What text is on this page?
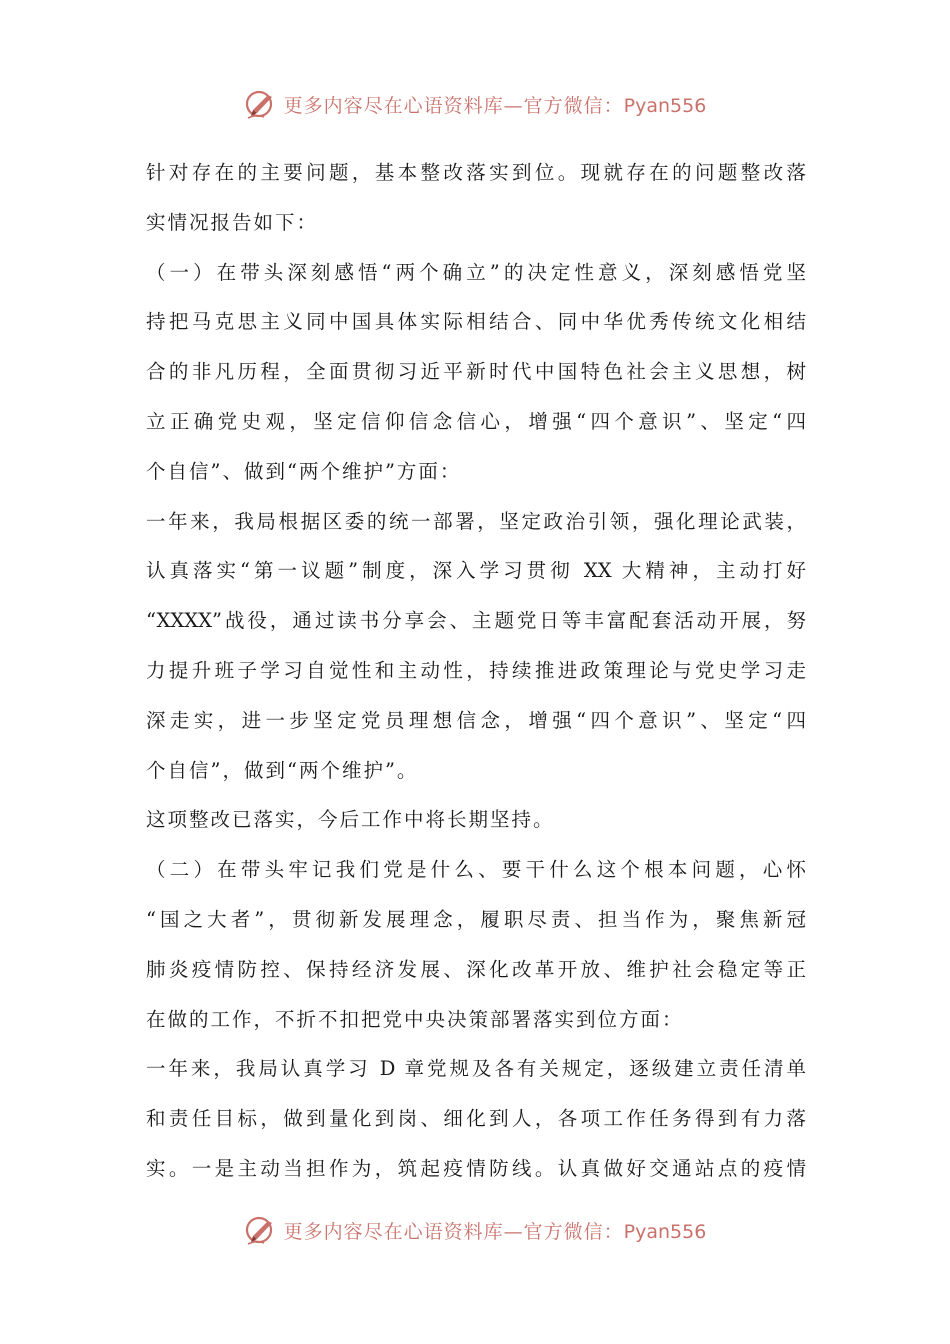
更多内容尽在心语资料库—官方微信：Pyan556
针对存在的主要问题，基本整改落实到位。现就存在的问题整改落
实情况报告如下：
（一）在带头深刻感悟“两个确立”的决定性意义，深刻感悟党坚
持把马克思主义同中国具体实际相结合、同中华优秀传统文化相结
合的非凡历程，全面贯彻习近平新时代中国特色社会主义思想，树
立正确党史观，坚定信仰信念信心，增强“四个意识”、坚定“四
个自信”、做到“两个维护”方面：
一年来，我局根据区委的统一部署，坚定政治引领，强化理论武装，
认真落实“第一议题”制度，深入学习贯彻 XX 大精神，主动打好
“XXXX”战役，通过读书分享会、主题党日等丰富配套活动开展，努
力提升班子学习自觉性和主动性，持续推进政策理论与党史学习走
深走实，进一步坚定党员理想信念，增强“四个意识”、坚定“四
个自信”，做到“两个维护”。
这项整改已落实，今后工作中将长期坚持。
（二）在带头牢记我们党是什么、要干什么这个根本问题，心怀
“国之大者”，贯彻新发展理念，履职尽责、担当作为，聚焦新冠
肺炎疫情防控、保持经济发展、深化改革开放、维护社会稳定等正
在做的工作，不折不扣把党中央决策部署落实到位方面：
一年来，我局认真学习 D 章党规及各有关规定，逐级建立责任清单
和责任目标，做到量化到岗、细化到人，各项工作任务得到有力落
实。一是主动当担作为，筑起疫情防线。认真做好交通站点的疫情
更多内容尽在心语资料库—官方微信：Pyan556
